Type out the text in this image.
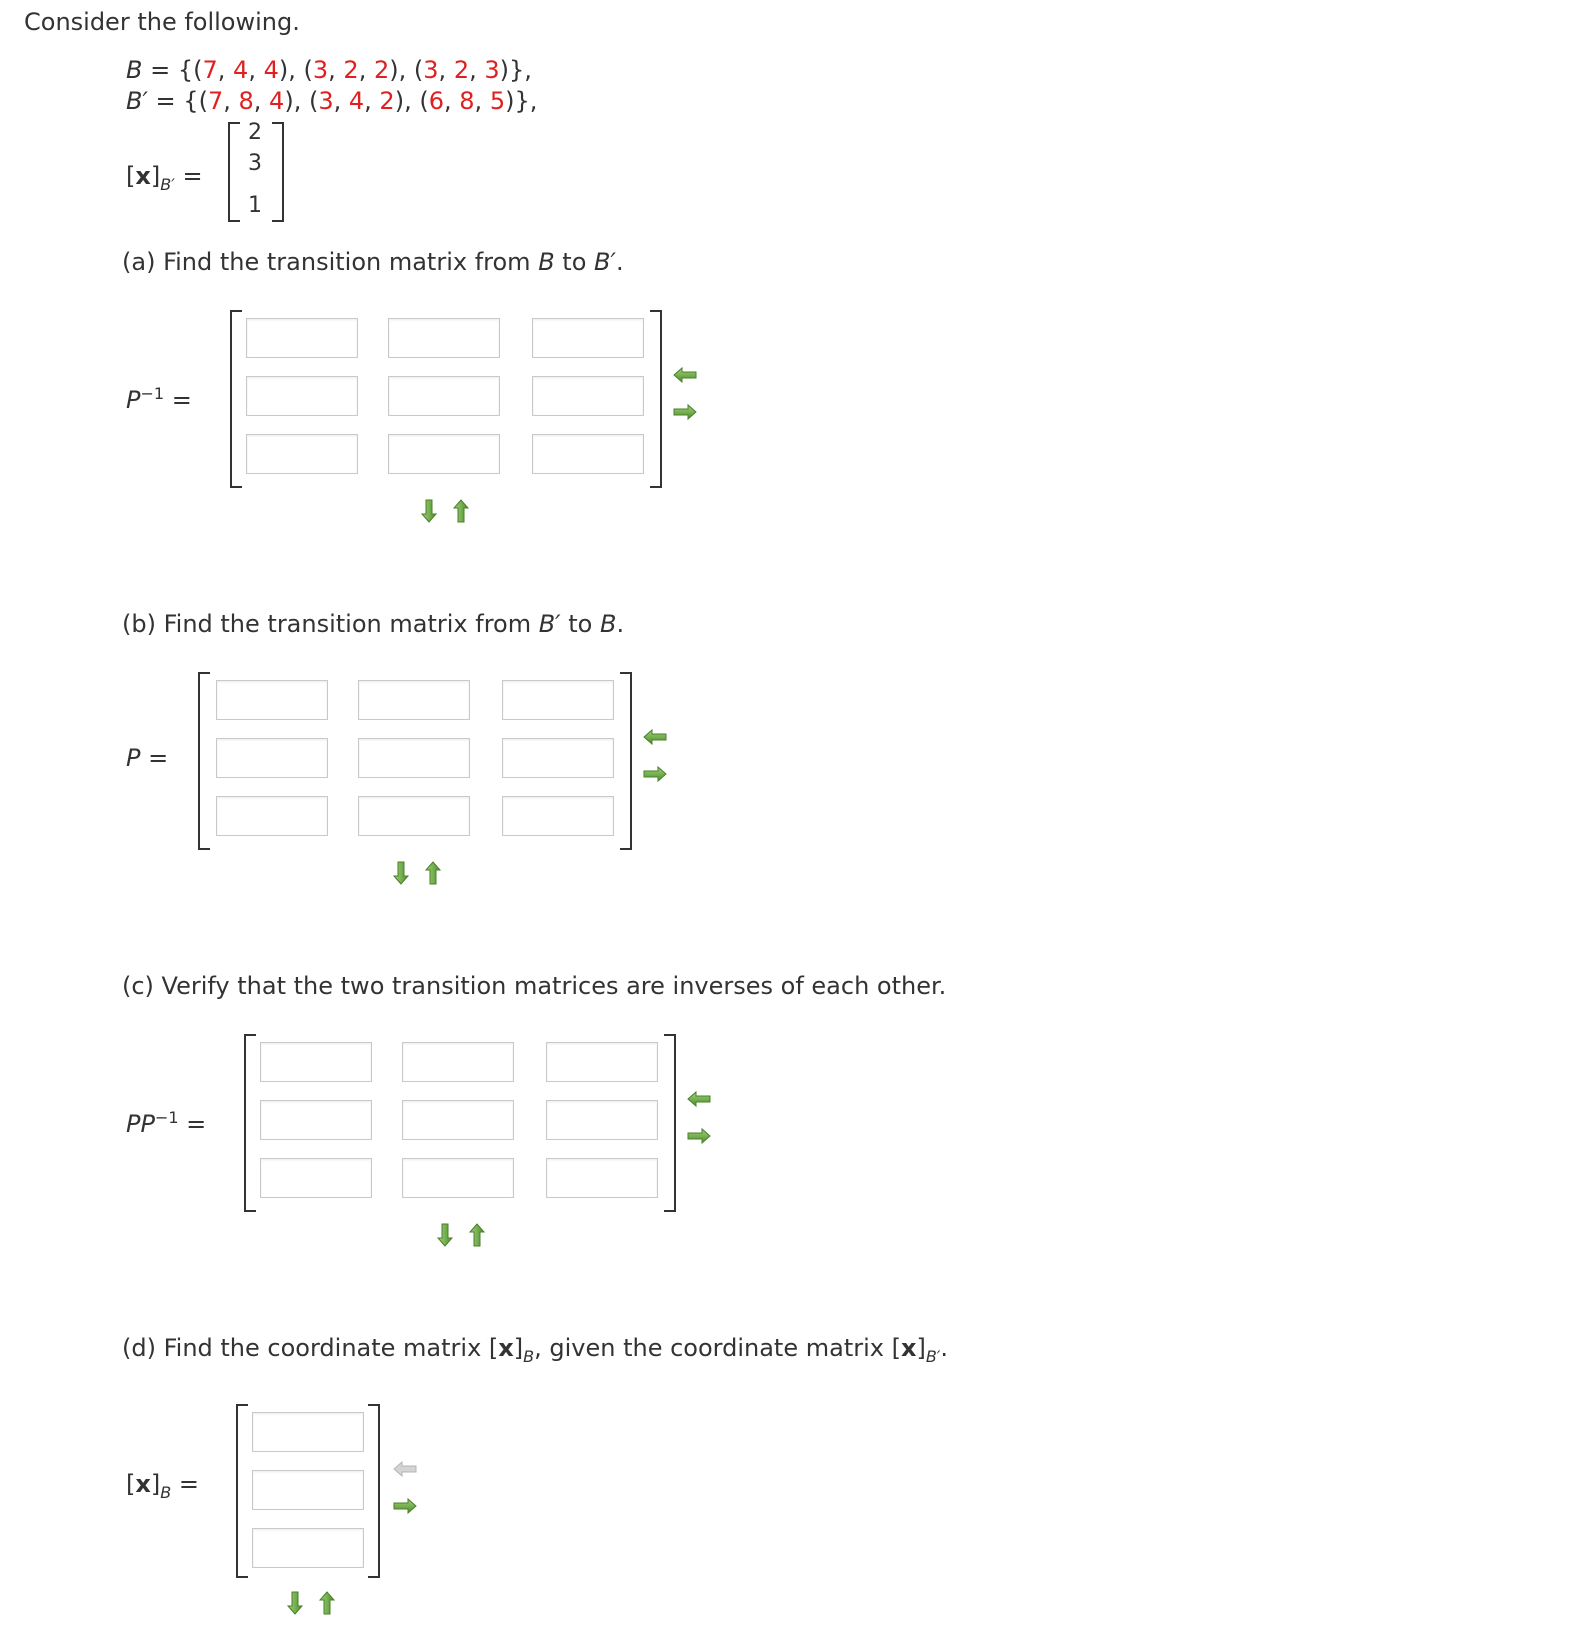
Consider the following.
B = {(7, 4, 4), (3, 2, 2), (3, 2, 3)},
B′ = {(7, 8, 4), (3, 4, 2), (6, 8, 5)},
$[x]_{B'}$ =
2
3
1
(a) Find the transition matrix from B to B′.
$P^{-1}$ =
(b) Find the transition matrix from B′ to B.
P =
(c) Verify that the two transition matrices are inverses of each other.
$PP^{-1}$ =
(d) Find the coordinate matrix $[x]_B$, given the coordinate matrix $[x]_{B'}$.
$[x]_B$ =
